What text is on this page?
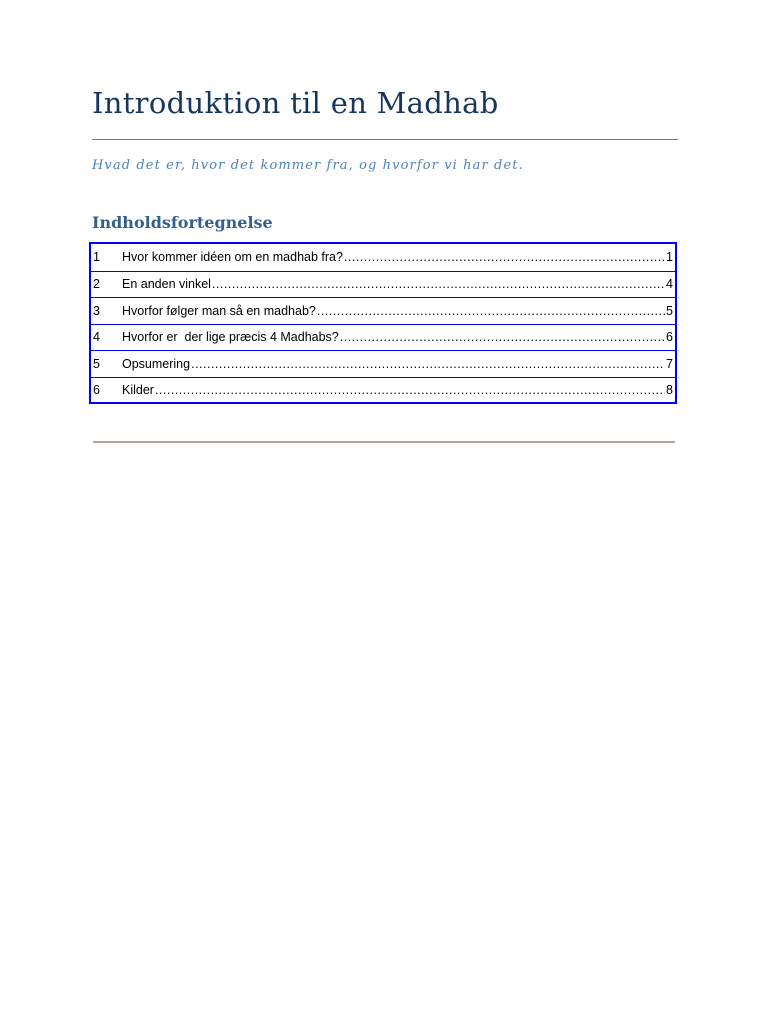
Introduktion til en Madhab
Hvad det er, hvor det kommer fra, og hvorfor vi har det.
Indholdsfortegnelse
1	Hvor kommer idéen om en madhab fra? .....	1
2	En anden vinkel .....	4
3	Hvorfor følger man så en madhab? .....	5
4	Hvorfor er  der lige præcis 4 Madhabs? .....	6
5	Opsumering .....	7
6	Kilder .....	8
